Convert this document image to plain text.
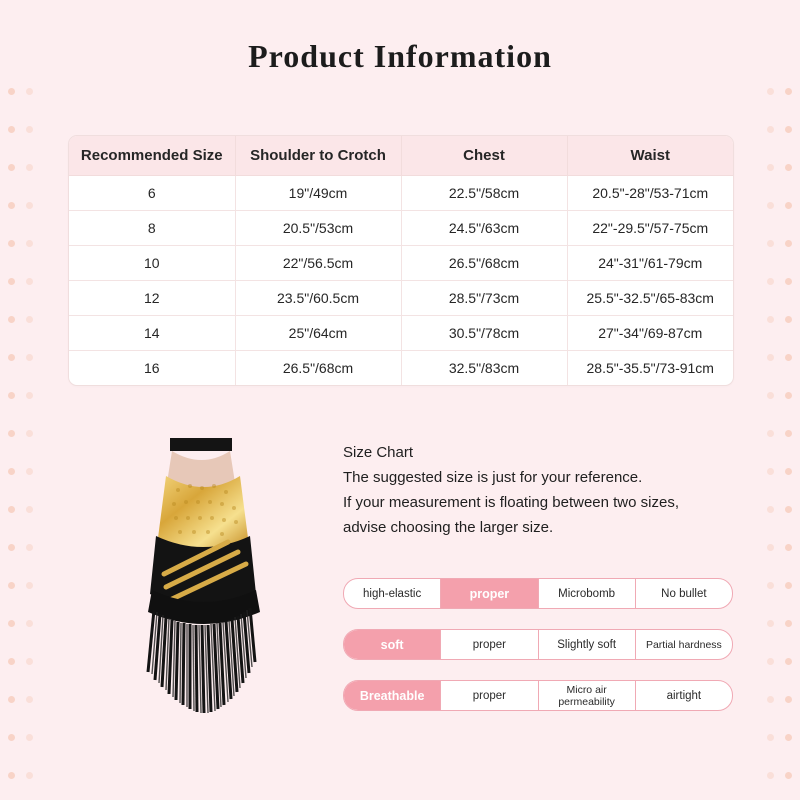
Product Information
Recommended Size	Shoulder to Crotch	Chest	Waist
6	19"/49cm	22.5"/58cm	20.5"-28"/53-71cm
8	20.5"/53cm	24.5"/63cm	22"-29.5"/57-75cm
10	22"/56.5cm	26.5"/68cm	24"-31"/61-79cm
12	23.5"/60.5cm	28.5"/73cm	25.5"-32.5"/65-83cm
14	25"/64cm	30.5"/78cm	27"-34"/69-87cm
16	26.5"/68cm	32.5"/83cm	28.5"-35.5"/73-91cm
Size Chart
The suggested size is just for your reference.
If your measurement is floating between two sizes,
advise choosing the larger size.
high-elastic	proper	Microbomb	No bullet
soft	proper	Slightly soft	Partial hardness
Breathable	proper	Micro air permeability	airtight
